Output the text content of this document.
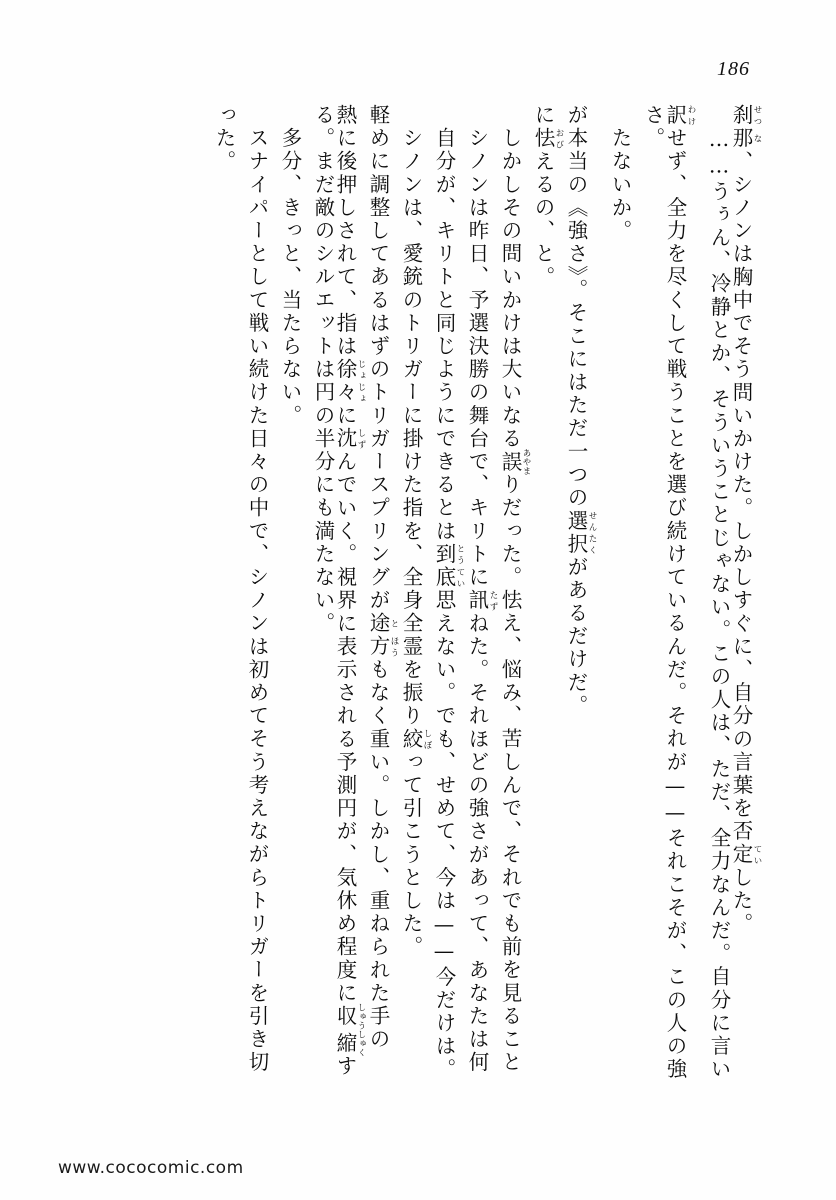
186
刹 せつ那 な、シノンは胸中でそう問いかけた。しかしすぐに、自分の言葉を否定 ていした。
　……うぅん、冷静とか、そういうことじゃない。この人は、ただ、全力なんだ。自分に言い
訳 わけせず、全力を尽くして戦うことを選び続けているんだ。それが——それこそが、この人の強
さ。
　たないか。
が本当の《強さ》。そこにはただ一つの選 せん択 たくがあるだけだ。
に怯 おびえるの、と。
　しかしその問いかけは大いなる誤 あやまりだった。怯え、悩み、苦しんで、それでも前を見ること
　シノンは昨日、予選決勝の舞台で、キリトに訊 たずねた。それほどの強さがあって、あなたは何
　自分が、キリトと同じようにできるとは到 とう底 てい思えない。でも、せめて、今は——今だけは。
　シノンは、愛銃のトリガーに掛けた指を、全身全霊を振り絞 しぼって引こうとした。
軽めに調整してあるはずのトリガースプリングが途 と方 ほうもなく重い。しかし、重ねられた手の
熱に後押しされて、指は徐 じょ々 じょに沈 しずんでいく。視界に表示される予測円が、気休め程度に収 しゅう縮 しゅくす
る。まだ敵のシルエットは円の半分にも満たない。
　多分、きっと、当たらない。
　スナイパーとして戦い続けた日々の中で、シノンは初めてそう考えながらトリガーを引き切
った。
www.cococomic.com
